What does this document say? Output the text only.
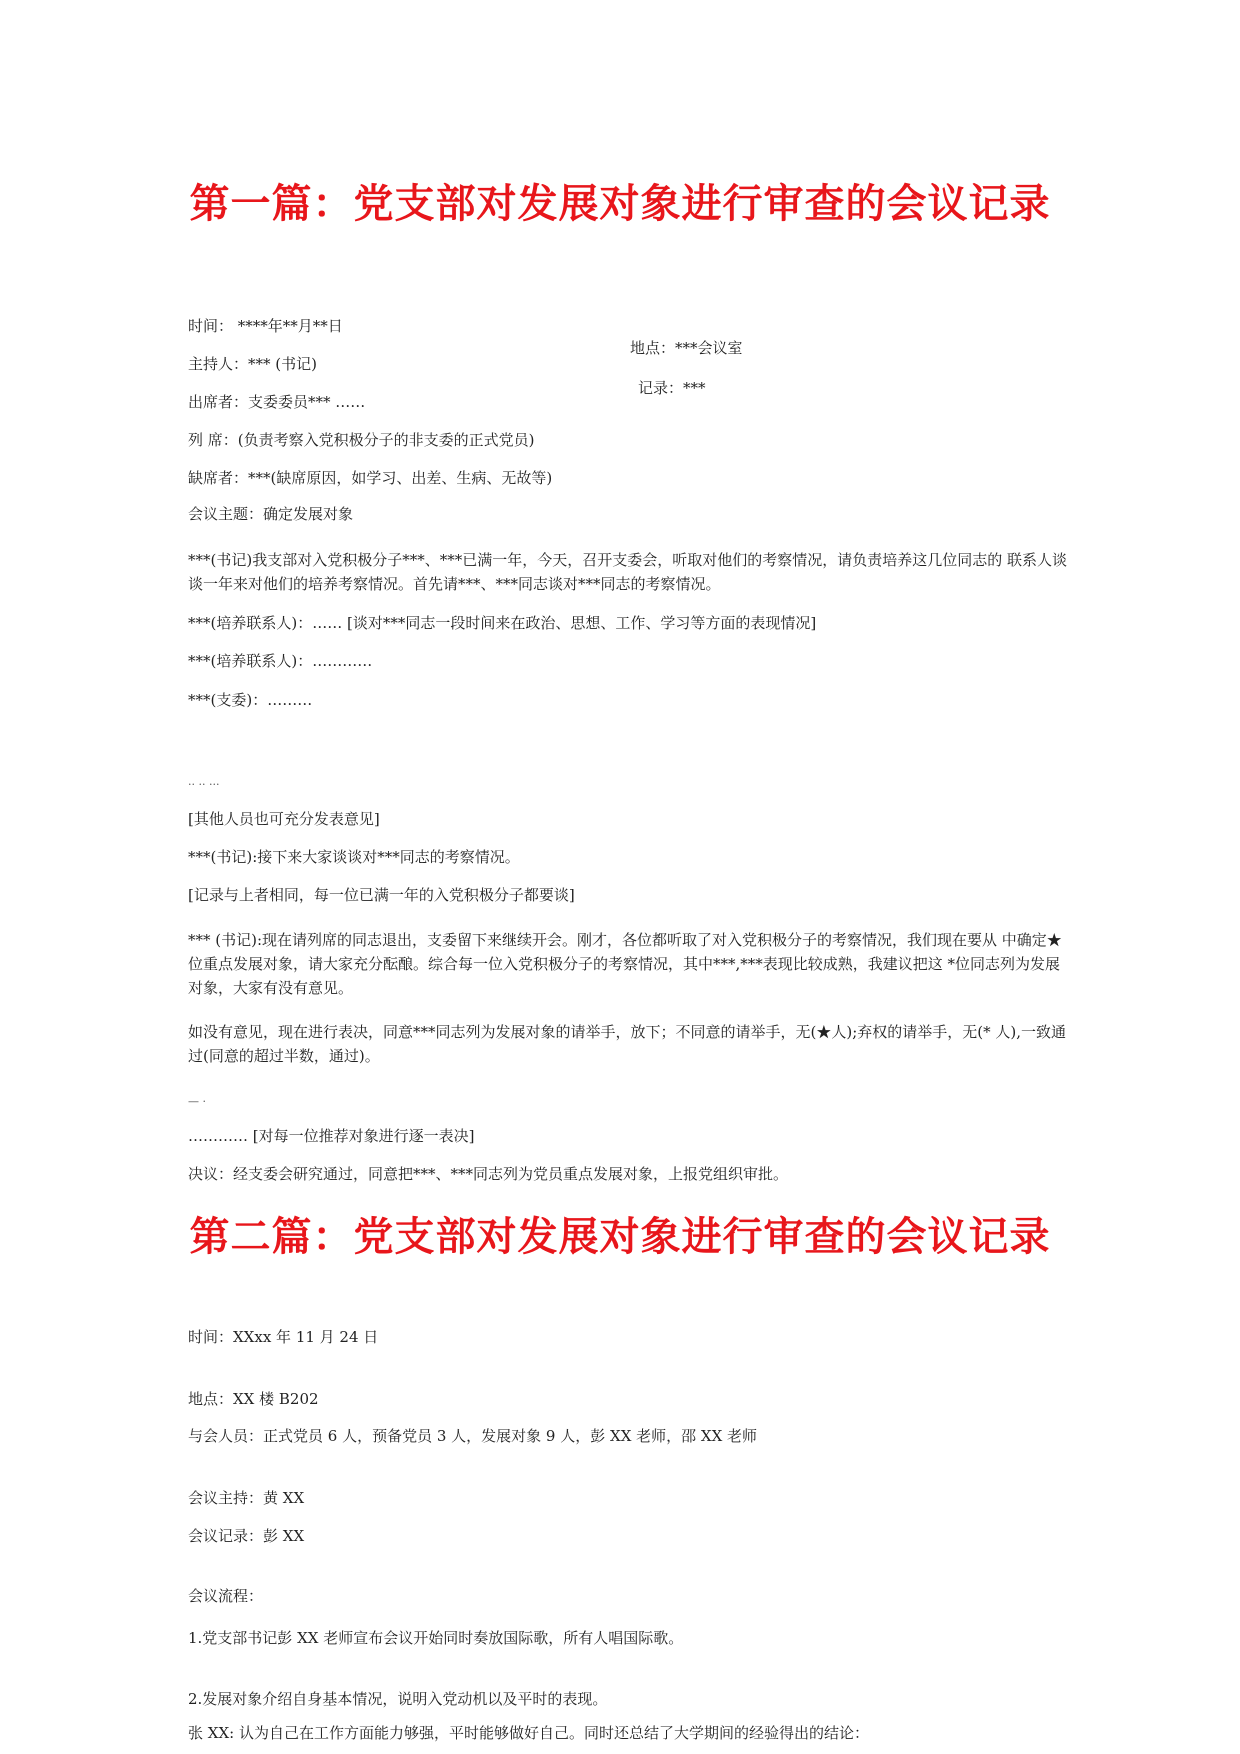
第一篇：党支部对发展对象进行审查的会议记录
时间： ****年**月**日
地点：***会议室
主持人：*** (书记)
记录：***
出席者：支委委员*** ……
列 席：(负责考察入党积极分子的非支委的正式党员)
缺席者：***(缺席原因，如学习、出差、生病、无故等)
会议主题：确定发展对象
***(书记)我支部对入党积极分子***、***已满一年，今天，召开支委会，听取对他们的考察情况，请负责培养这几位同志的 联系人谈谈一年来对他们的培养考察情况。首先请***、***同志谈对***同志的考察情况。
***(培养联系人)：…… [谈对***同志一段时间来在政治、思想、工作、学习等方面的表现情况]
***(培养联系人)：…………
***(支委)：………
.. .. ...
[其他人员也可充分发表意见]
***(书记):接下来大家谈谈对***同志的考察情况。
[记录与上者相同，每一位已满一年的入党积极分子都要谈]
*** (书记):现在请列席的同志退出，支委留下来继续开会。刚才，各位都听取了对入党积极分子的考察情况，我们现在要从 中确定★位重点发展对象，请大家充分酝酿。综合每一位入党积极分子的考察情况，其中***,***表现比较成熟，我建议把这 *位同志列为发展对象，大家有没有意见。
如没有意见，现在进行表决，同意***同志列为发展对象的请举手，放下；不同意的请举手，无(★人);弃权的请举手，无(* 人),一致通过(同意的超过半数，通过)。
— ·
………… [对每一位推荐对象进行逐一表决]
决议：经支委会研究通过，同意把***、***同志列为党员重点发展对象，上报党组织审批。
第二篇：党支部对发展对象进行审查的会议记录
时间：XXxx 年 11 月 24 日
地点：XX 楼 B202
与会人员：正式党员 6 人，预备党员 3 人，发展对象 9 人，彭 XX 老师，邵 XX 老师
会议主持：黄 XX
会议记录：彭 XX
会议流程：
1.党支部书记彭 XX 老师宣布会议开始同时奏放国际歌，所有人唱国际歌。
2.发展对象介绍自身基本情况，说明入党动机以及平时的表现。
张 XX: 认为自己在工作方面能力够强，平时能够做好自己。同时还总结了大学期间的经验得出的结论：
